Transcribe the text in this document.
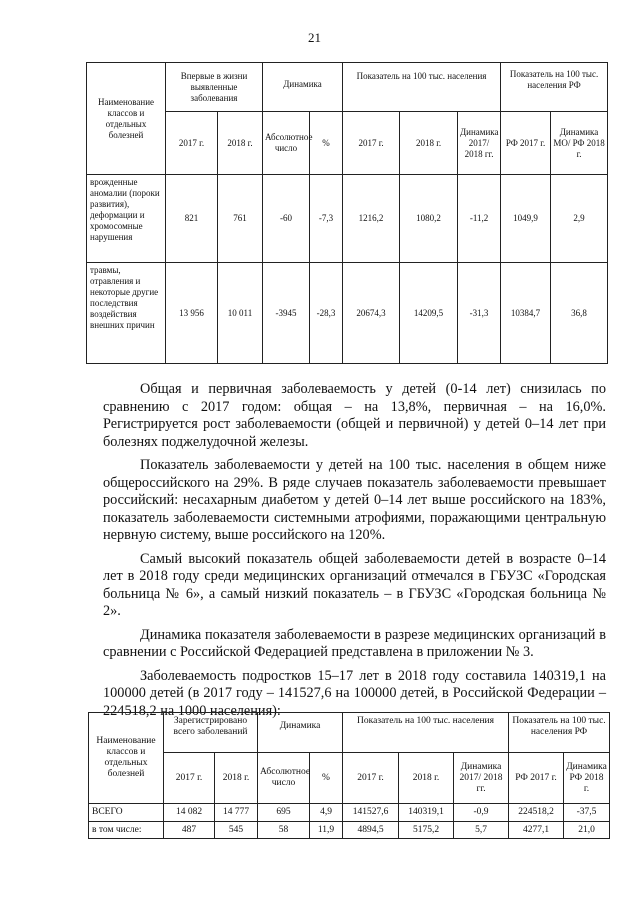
21
Наименование классов и отдельных болезней	Впервые в жизни выявленные заболевания		Динамика		Показатель на 100 тыс. населения			Показатель на 100 тыс. населения РФ	
	2017 г.	2018 г.	Абсолютное число	%	2017 г.	2018 г.	Динамика 2017/ 2018 гг.	РФ 2017 г.	Динамика МО/ РФ 2018 г.
врожденные аномалии (пороки развития), деформации и хромосомные нарушения	821	761	-60	-7,3	1216,2	1080,2	-11,2	1049,9	2,9
травмы, отравления и некоторые другие последствия воздействия внешних причин	13 956	10 011	-3945	-28,3	20674,3	14209,5	-31,3	10384,7	36,8

Общая и первичная заболеваемость у детей (0-14 лет) снизилась по сравнению с 2017 годом: общая – на 13,8%, первичная – на 16,0%. Регистрируется рост заболеваемости (общей и первичной) у детей 0–14 лет при болезнях поджелудочной железы.

Показатель заболеваемости у детей на 100 тыс. населения в общем ниже общероссийского на 29%. В ряде случаев показатель заболеваемости превышает российский: несахарным диабетом у детей 0–14 лет выше российского на 183%, показатель заболеваемости системными атрофиями, поражающими центральную нервную систему, выше российского на 120%.

Самый высокий показатель общей заболеваемости детей в возрасте 0–14 лет в 2018 году среди медицинских организаций отмечался в ГБУЗС «Городская больница № 6», а самый низкий показатель – в ГБУЗС «Городская больница № 2».

Динамика показателя заболеваемости в разрезе медицинских организаций в сравнении с Российской Федерацией представлена в приложении № 3.

Заболеваемость подростков 15–17 лет в 2018 году составила 140319,1 на 100000 детей (в 2017 году – 141527,6 на 100000 детей, в Российской Федерации – 224518,2 на 1000 населения):

Наименование классов и отдельных болезней	Зарегистрировано всего заболеваний		Динамика		Показатель на 100 тыс. населения			Показатель на 100 тыс. населения РФ	
	2017 г.	2018 г.	Абсолютное число	%	2017 г.	2018 г.	Динамика 2017/ 2018 гг.	РФ 2017 г.	Динамика РФ 2018 г.
ВСЕГО	14 082	14 777	695	4,9	141527,6	140319,1	-0,9	224518,2	-37,5
в том числе:	487	545	58	11,9	4894,5	5175,2	5,7	4277,1	21,0
